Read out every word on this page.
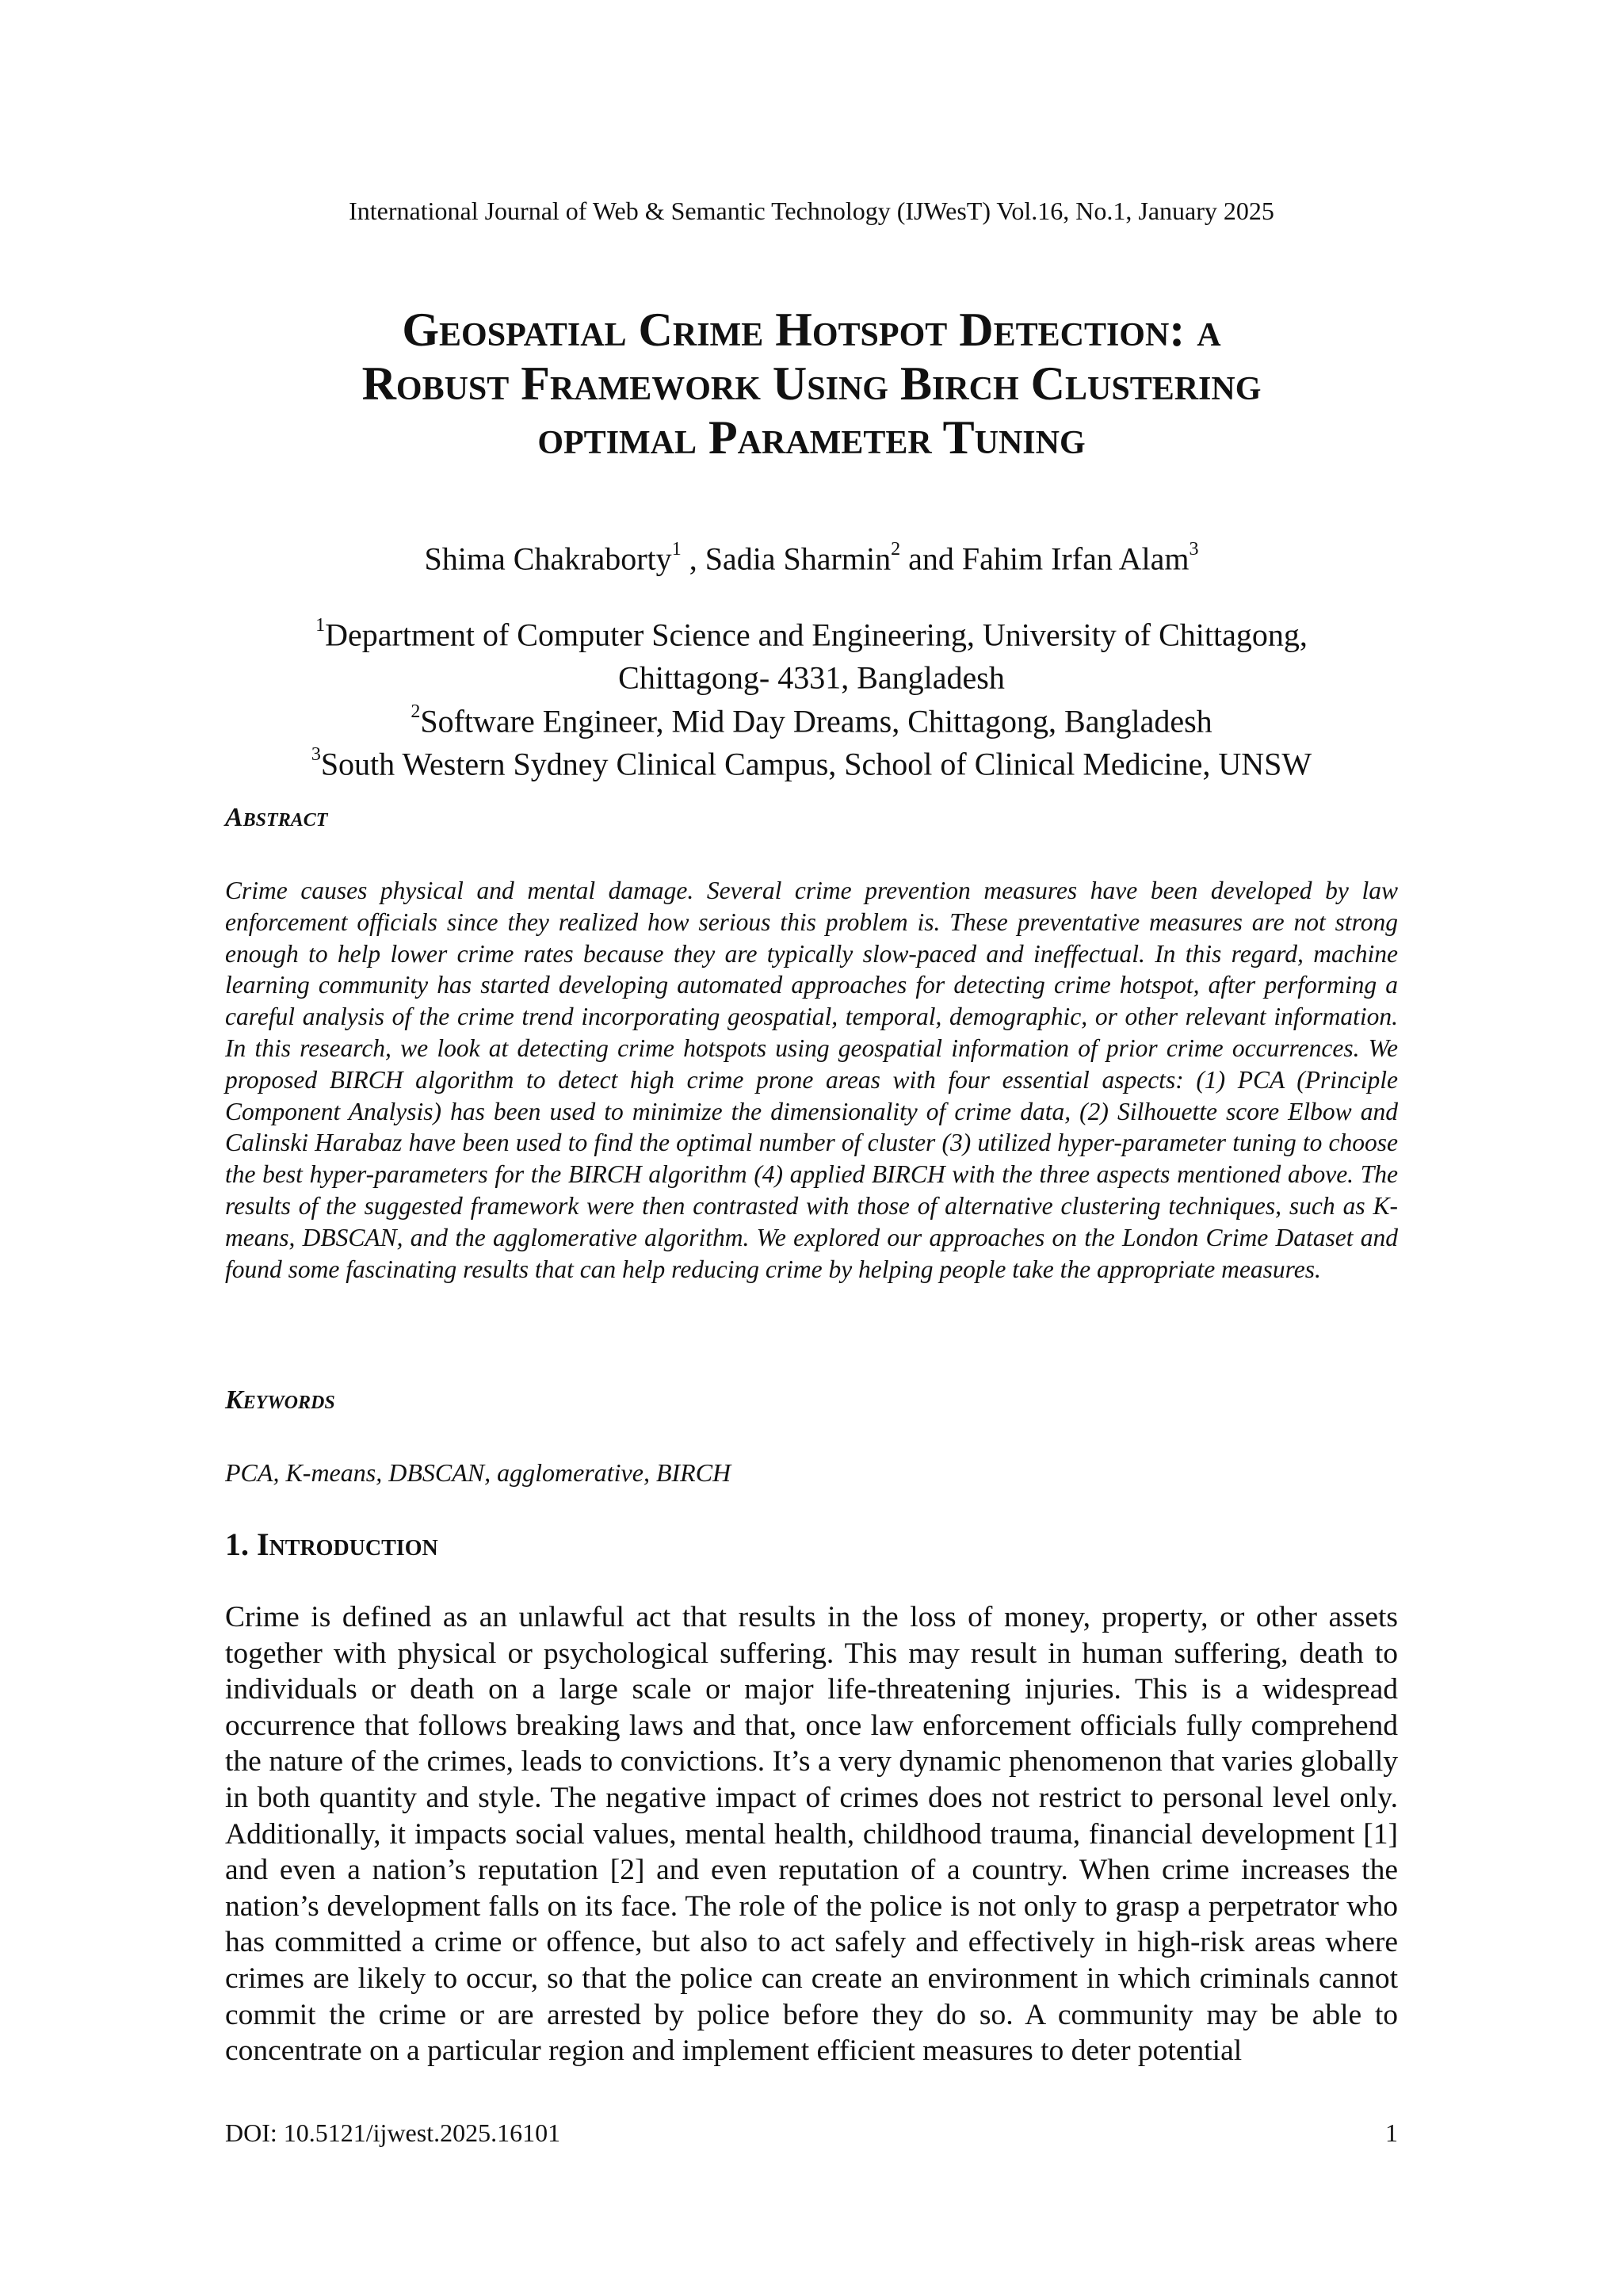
International Journal of Web & Semantic Technology (IJWesT) Vol.16, No.1, January 2025
Geospatial Crime Hotspot Detection: a
Robust Framework Using Birch Clustering
optimal Parameter Tuning
Shima Chakraborty$^1$ , Sadia Sharmin$^2$ and Fahim Irfan Alam$^3$
$^1$Department of Computer Science and Engineering, University of Chittagong,
Chittagong- 4331, Bangladesh
$^2$Software Engineer, Mid Day Dreams, Chittagong, Bangladesh
$^3$South Western Sydney Clinical Campus, School of Clinical Medicine, UNSW
Abstract
Crime causes physical and mental damage. Several crime prevention measures have been developed by law enforcement officials since they realized how serious this problem is. These preventative measures are not strong enough to help lower crime rates because they are typically slow-paced and ineffectual. In this regard, machine learning community has started developing automated approaches for detecting crime hotspot, after performing a careful analysis of the crime trend incorporating geospatial, temporal, demographic, or other relevant information. In this research, we look at detecting crime hotspots using geospatial information of prior crime occurrences. We proposed BIRCH algorithm to detect high crime prone areas with four essential aspects: (1) PCA (Principle Component Analysis) has been used to minimize the dimensionality of crime data, (2) Silhouette score Elbow and Calinski Harabaz have been used to find the optimal number of cluster (3) utilized hyper-parameter tuning to choose the best hyper-parameters for the BIRCH algorithm (4) applied BIRCH with the three aspects mentioned above. The results of the suggested framework were then contrasted with those of alternative clustering techniques, such as K-means, DBSCAN, and the agglomerative algorithm. We explored our approaches on the London Crime Dataset and found some fascinating results that can help reducing crime by helping people take the appropriate measures.
Keywords
PCA, K-means, DBSCAN, agglomerative, BIRCH
1. Introduction
Crime is defined as an unlawful act that results in the loss of money, property, or other assets together with physical or psychological suffering. This may result in human suffering, death to individuals or death on a large scale or major life-threatening injuries. This is a widespread occurrence that follows breaking laws and that, once law enforcement officials fully comprehend the nature of the crimes, leads to convictions. It’s a very dynamic phenomenon that varies globally in both quantity and style. The negative impact of crimes does not restrict to personal level only. Additionally, it impacts social values, mental health, childhood trauma, financial development [1] and even a nation’s reputation [2] and even reputation of a country. When crime increases the nation’s development falls on its face. The role of the police is not only to grasp a perpetrator who has committed a crime or offence, but also to act safely and effectively in high-risk areas where crimes are likely to occur, so that the police can create an environment in which criminals cannot commit the crime or are arrested by police before they do so. A community may be able to concentrate on a particular region and implement efficient measures to deter potential
DOI: 10.5121/ijwest.2025.16101	1
